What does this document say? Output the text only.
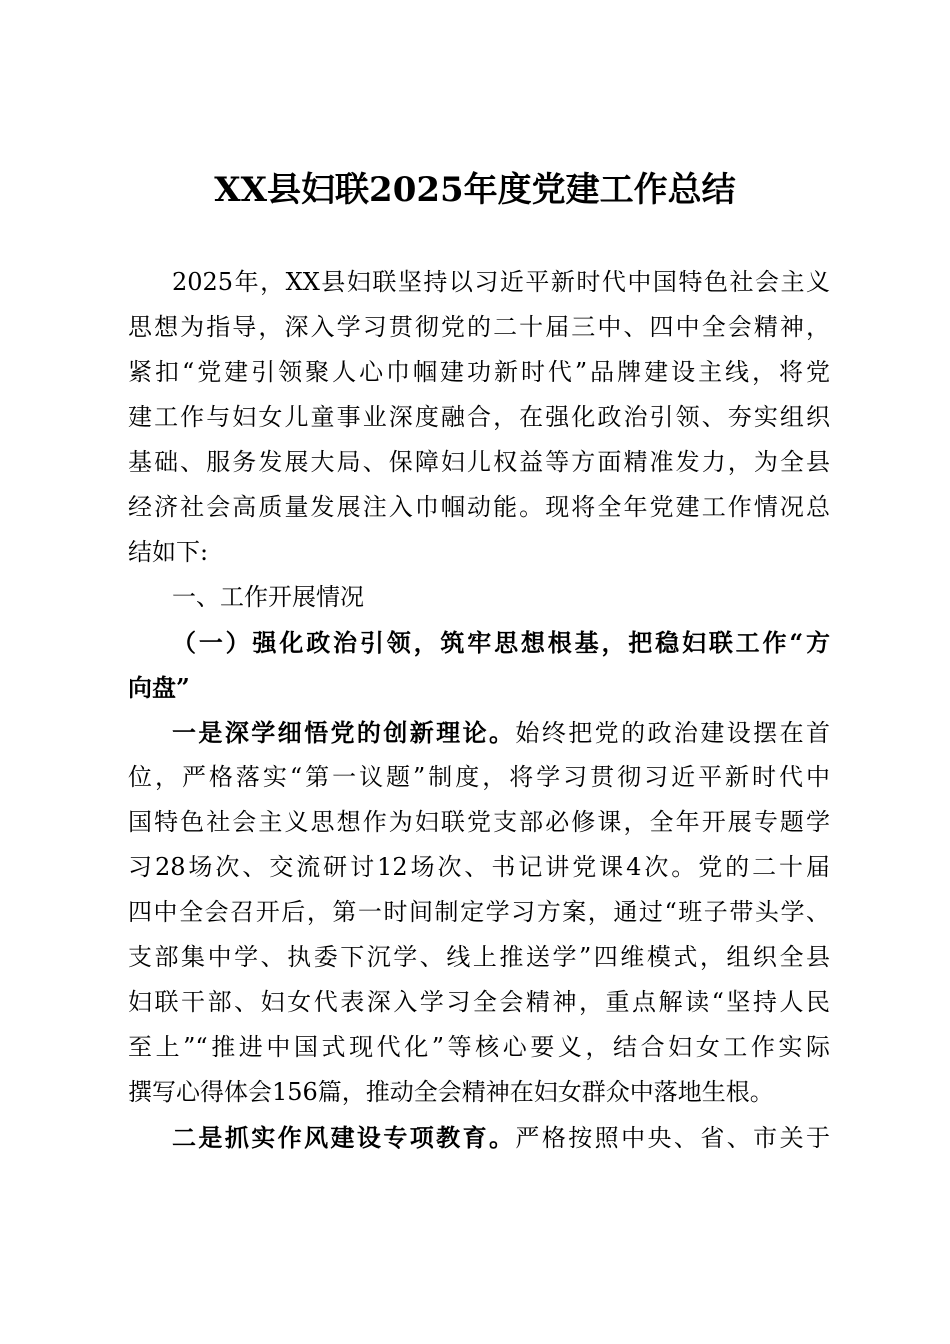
XX县妇联2025年度党建工作总结
2025年，XX县妇联坚持以习近平新时代中国特色社会主义
思想为指导，深入学习贯彻党的二十届三中、四中全会精神，
紧扣“党建引领聚人心巾帼建功新时代”品牌建设主线，将党
建工作与妇女儿童事业深度融合，在强化政治引领、夯实组织
基础、服务发展大局、保障妇儿权益等方面精准发力，为全县
经济社会高质量发展注入巾帼动能。现将全年党建工作情况总
结如下:
一、工作开展情况
（一）强化政治引领，筑牢思想根基，把稳妇联工作“方
向盘”
一是深学细悟党的创新理论。始终把党的政治建设摆在首
位，严格落实“第一议题”制度，将学习贯彻习近平新时代中
国特色社会主义思想作为妇联党支部必修课，全年开展专题学
习28场次、交流研讨12场次、书记讲党课4次。党的二十届
四中全会召开后，第一时间制定学习方案，通过“班子带头学、
支部集中学、执委下沉学、线上推送学”四维模式，组织全县
妇联干部、妇女代表深入学习全会精神，重点解读“坚持人民
至上”“推进中国式现代化”等核心要义，结合妇女工作实际
撰写心得体会156篇，推动全会精神在妇女群众中落地生根。
二是抓实作风建设专项教育。严格按照中央、省、市关于
